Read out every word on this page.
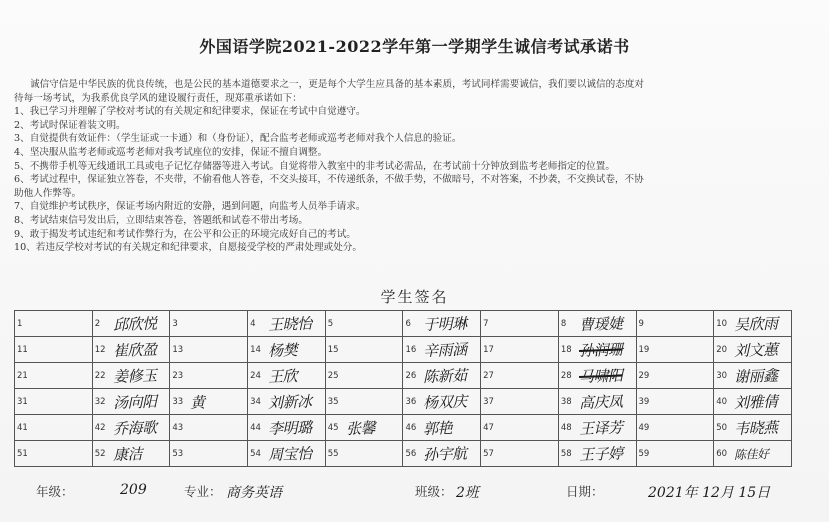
外国语学院2021-2022学年第一学期学生诚信考试承诺书

诚信守信是中华民族的优良传统，也是公民的基本道德要求之一，更是每个大学生应具备的基本素质，考试同样需要诚信，我们要以诚信的态度对

待每一场考试，为我系优良学风的建设履行责任，现郑重承诺如下：

1、我已学习并理解了学校对考试的有关规定和纪律要求，保证在考试中自觉遵守。

2、考试时保证着装文明。

3、自觉提供有效证件：（学生证或一卡通）和（身份证），配合监考老师或巡考老师对我个人信息的验证。

4、坚决服从监考老师或巡考老师对我考试座位的安排，保证不擅自调整。

5、不携带手机等无线通讯工具或电子记忆存储器等进入考试。自觉将带入教室中的非考试必需品，在考试前十分钟放到监考老师指定的位置。

6、考试过程中，保证独立答卷，不夹带，不偷看他人答卷，不交头接耳，不传递纸条，不做手势，不做暗号，不对答案，不抄袭，不交换试卷，不协

助他人作弊等。

7、自觉维护考试秩序，保证考场内附近的安静，遇到问题，向监考人员举手请求。

8、考试结束信号发出后，立即结束答卷，答题纸和试卷不带出考场。

9、敢于揭发考试违纪和考试作弊行为，在公平和公正的环境完成好自己的考试。

10、若违反学校对考试的有关规定和纪律要求，自愿接受学校的严肃处理或处分。

学生签名
1	2 邱欣悦	3	4 王晓怡	5	6 于明琳	7	8 曹瑗婕	9	10 吴欣雨

11	12 崔欣盈	13	14 杨樊	15	16 辛雨涵	17	18 孙润珊	19	20 刘文蕙

21	22 姜修玉	23	24 王欣	25	26 陈新茹	27	28 马啸阳	29	30 谢丽鑫

31	32 汤向阳	33 黄	34 刘新冰	35	36 杨双庆	37	38 高庆凤	39	40 刘雅倩

41	42 乔海歌	43	44 李明璐	45 张馨	46 郭艳	47	48 王译芳	49	50 韦晓燕

51	52 康洁	53	54 周宝怡	55	56 孙宇航	57	58 王子婷	59	60 陈佳好
年级：	209	专业： 商务英语	班级： 2班	日期：	2021年 12月 15日
